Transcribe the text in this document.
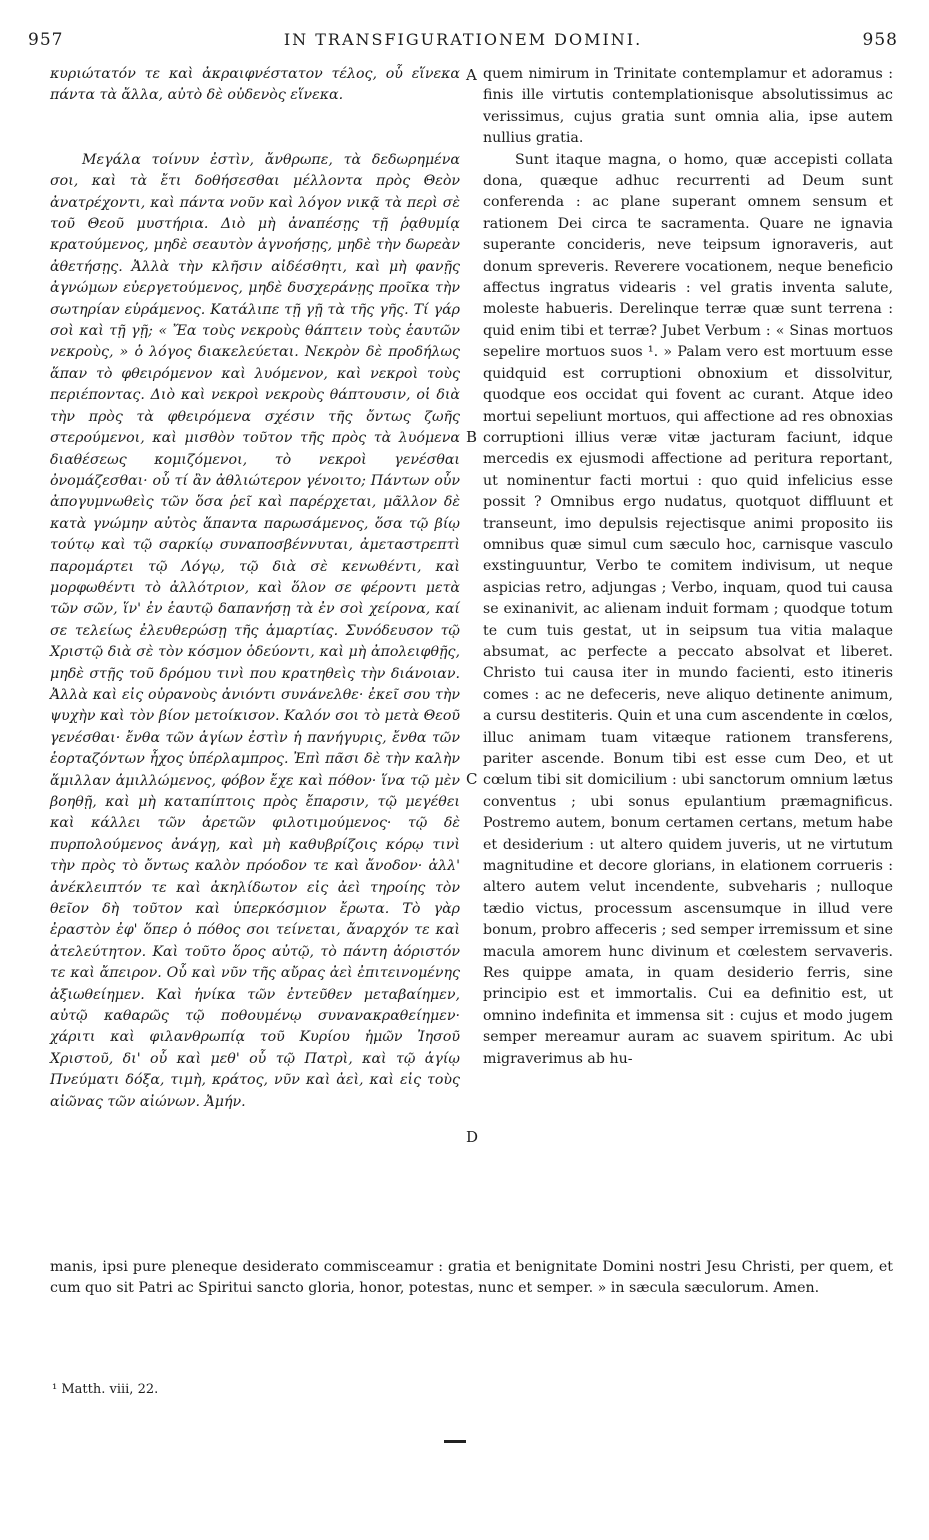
957	IN TRANSFIGURATIONEM DOMINI.	958

κυριώτατόν τε καὶ ἀκραιφνέστατον τέλος, οὗ εἵνεκα πάντα τὰ ἄλλα, αὐτὸ δὲ οὐδενὸς εἵνεκα.

Μεγάλα τοίνυν ἐστὶν, ἄνθρωπε, τὰ δεδωρημένα σοι, καὶ τὰ ἔτι δοθήσεσθαι μέλλοντα πρὸς Θεὸν ἀνατρέχοντι, καὶ πάντα νοῦν καὶ λόγον νικᾷ τὰ περὶ σὲ τοῦ Θεοῦ μυστήρια. Διὸ μὴ ἀναπέσῃς τῇ ῥᾳθυμίᾳ κρατούμενος, μηδὲ σεαυτὸν ἀγνοήσῃς, μηδὲ τὴν δωρεὰν ἀθετήσῃς. Ἀλλὰ τὴν κλῆσιν αἰδέσθητι, καὶ μὴ φανῇς ἀγνώμων εὐεργετούμενος, μηδὲ δυσχεράνῃς προῖκα τὴν σωτηρίαν εὑράμενος. Κατάλιπε τῇ γῇ τὰ τῆς γῆς. Τί γάρ σοὶ καὶ τῇ γῇ; « Ἔα τοὺς νεκροὺς θάπτειν τοὺς ἑαυτῶν νεκροὺς, » ὁ λόγος διακελεύεται. Νεκρὸν δὲ προδήλως ἅπαν τὸ φθειρόμενον καὶ λυόμενον, καὶ νεκροὶ τοὺς περιέποντας. Διὸ καὶ νεκροὶ νεκροὺς θάπτουσιν, οἱ διὰ τὴν πρὸς τὰ φθειρόμενα σχέσιν τῆς ὄντως ζωῆς στερούμενοι, καὶ μισθὸν τοῦτον τῆς πρὸς τὰ λυόμενα διαθέσεως κομιζόμενοι, τὸ νεκροὶ γενέσθαι ὀνομάζεσθαι· οὗ τί ἂν ἀθλιώτερον γένοιτο; Πάντων οὖν ἀπογυμνωθεὶς τῶν ὅσα ῥεῖ καὶ παρέρχεται, μᾶλλον δὲ κατὰ γνώμην αὐτὸς ἅπαντα παρωσάμενος, ὅσα τῷ βίῳ τούτῳ καὶ τῷ σαρκίῳ συναποσβέννυται, ἀμεταστρεπτὶ παρομάρτει τῷ Λόγῳ, τῷ διὰ σὲ κενωθέντι, καὶ μορφωθέντι τὸ ἀλλότριον, καὶ ὅλον σε φέροντι μετὰ τῶν σῶν, ἵν' ἐν ἑαυτῷ δαπανήσῃ τὰ ἐν σοὶ χείρονα, καί σε τελείως ἐλευθερώσῃ τῆς ἁμαρτίας. Συνόδευσον τῷ Χριστῷ διὰ σὲ τὸν κόσμον ὁδεύοντι, καὶ μὴ ἀπολειφθῇς, μηδὲ στῇς τοῦ δρόμου τινὶ που κρατηθεὶς τὴν διάνοιαν. Ἀλλὰ καὶ εἰς οὐρανοὺς ἀνιόντι συνάνελθε· ἐκεῖ σου τὴν ψυχὴν καὶ τὸν βίον μετοίκισον. Καλόν σοι τὸ μετὰ Θεοῦ γενέσθαι· ἔνθα τῶν ἁγίων ἐστὶν ἡ πανήγυρις, ἔνθα τῶν ἑορταζόντων ἦχος ὑπέρλαμπρος. Ἐπὶ πᾶσι δὲ τὴν καλὴν ἅμιλλαν ἁμιλλώμενος, φόβον ἔχε καὶ πόθον· ἵνα τῷ μὲν βοηθῇ, καὶ μὴ καταπίπτοις πρὸς ἔπαρσιν, τῷ μεγέθει καὶ κάλλει τῶν ἀρετῶν φιλοτιμούμενος· τῷ δὲ πυρπολούμενος ἀνάγῃ, καὶ μὴ καθυβρίζοις κόρῳ τινὶ τὴν πρὸς τὸ ὄντως καλὸν πρόοδον τε καὶ ἄνοδον· ἀλλ' ἀνέκλειπτόν τε καὶ ἀκηλίδωτον εἰς ἀεὶ τηροίης τὸν θεῖον δὴ τοῦτον καὶ ὑπερκόσμιον ἔρωτα. Τὸ γὰρ ἐραστὸν ἐφ' ὅπερ ὁ πόθος σοι τείνεται, ἄναρχόν τε καὶ ἀτελεύτητον. Καὶ τοῦτο ὅρος αὐτῷ, τὸ πάντη ἀόριστόν τε καὶ ἄπειρον. Οὗ καὶ νῦν τῆς αὔρας ἀεὶ ἐπιτεινομένης ἀξιωθείημεν. Καὶ ἡνίκα τῶν ἐντεῦθεν μεταβαίημεν, αὐτῷ καθαρῶς τῷ ποθουμένῳ συνανακραθείημεν· χάριτι καὶ φιλανθρωπίᾳ τοῦ Κυρίου ἡμῶν Ἰησοῦ Χριστοῦ, δι' οὗ καὶ μεθ' οὗ τῷ Πατρὶ, καὶ τῷ ἁγίῳ Πνεύματι δόξα, τιμὴ, κράτος, νῦν καὶ ἀεὶ, καὶ εἰς τοὺς αἰῶνας τῶν αἰώνων. Ἀμήν.

A
B
C
D

quem nimirum in Trinitate contemplamur et adoramus : finis ille virtutis contemplationisque absolutissimus ac verissimus, cujus gratia sunt omnia alia, ipse autem nullius gratia.

Sunt itaque magna, o homo, quæ accepisti collata dona, quæque adhuc recurrenti ad Deum sunt conferenda : ac plane superant omnem sensum et rationem Dei circa te sacramenta. Quare ne ignavia superante concideris, neve teipsum ignoraveris, aut donum spreveris. Reverere vocationem, neque beneficio affectus ingratus videaris : vel gratis inventa salute, moleste habueris. Derelinque terræ quæ sunt terrena : quid enim tibi et terræ? Jubet Verbum : « Sinas mortuos sepelire mortuos suos ¹. » Palam vero est mortuum esse quidquid est corruptioni obnoxium et dissolvitur, quodque eos occidat qui fovent ac curant. Atque ideo mortui sepeliunt mortuos, qui affectione ad res obnoxias corruptioni illius veræ vitæ jacturam faciunt, idque mercedis ex ejusmodi affectione ad peritura reportant, ut nominentur facti mortui : quo quid infelicius esse possit ? Omnibus ergo nudatus, quotquot diffluunt et transeunt, imo depulsis rejectisque animi proposito iis omnibus quæ simul cum sæculo hoc, carnisque vasculo exstinguuntur, Verbo te comitem indivisum, ut neque aspicias retro, adjungas ; Verbo, inquam, quod tui causa se exinanivit, ac alienam induit formam ; quodque totum te cum tuis gestat, ut in seipsum tua vitia malaque absumat, ac perfecte a peccato absolvat et liberet. Christo tui causa iter in mundo facienti, esto itineris comes : ac ne defeceris, neve aliquo detinente animum, a cursu destiteris. Quin et una cum ascendente in cœlos, illuc animam tuam vitæque rationem transferens, pariter ascende. Bonum tibi est esse cum Deo, et ut cœlum tibi sit domicilium : ubi sanctorum omnium lætus conventus ; ubi sonus epulantium præmagnificus. Postremo autem, bonum certamen certans, metum habe et desiderium : ut altero quidem juveris, ut ne virtutum magnitudine et decore glorians, in elationem corrueris : altero autem velut incendente, subveharis ; nulloque tædio victus, processum ascensumque in illud vere bonum, probro affeceris ; sed semper irremissum et sine macula amorem hunc divinum et cœlestem servaveris. Res quippe amata, in quam desiderio ferris, sine principio est et immortalis. Cui ea definitio est, ut omnino indefinita et immensa sit : cujus et modo jugem semper mereamur auram ac suavem spiritum. Ac ubi migraverimus ab hu-

manis, ipsi pure pleneque desiderato commisceamur : gratia et benignitate Domini nostri Jesu Christi, per quem, et cum quo sit Patri ac Spiritui sancto gloria, honor, potestas, nunc et semper. » in sæcula sæculorum. Amen.

¹ Matth. viii, 22.
